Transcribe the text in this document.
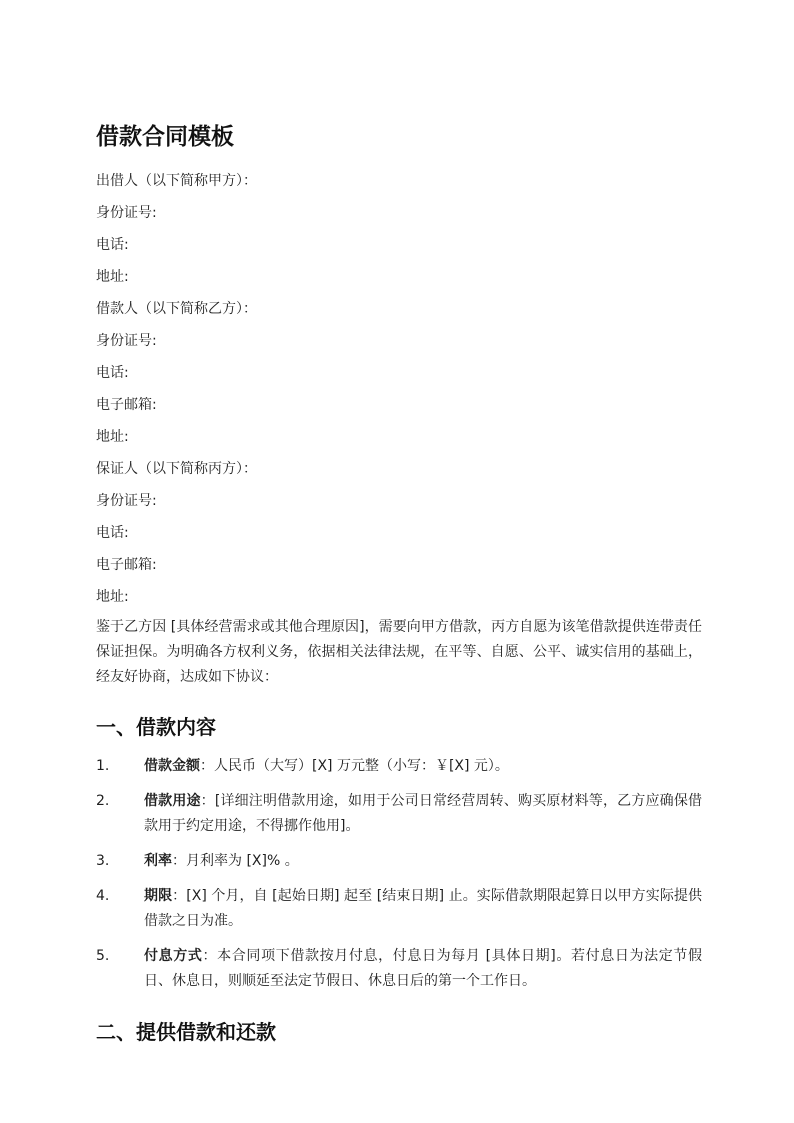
借款合同模板

出借人（以下简称甲方）：

身份证号:

电话:

地址:

借款人（以下简称乙方）：

身份证号:

电话:

电子邮箱:

地址:

保证人（以下简称丙方）：

身份证号:

电话:

电子邮箱:

地址:

鉴于乙方因 [具体经营需求或其他合理原因]，需要向甲方借款，丙方自愿为该笔借款提供连带责任保证担保。为明确各方权利义务，依据相关法律法规，在平等、自愿、公平、诚实信用的基础上，经友好协商，达成如下协议：

一、借款内容
1. 借款金额：人民币（大写）[X] 万元整（小写：￥[X] 元）。
2. 借款用途：[详细注明借款用途，如用于公司日常经营周转、购买原材料等，乙方应确保借款用于约定用途，不得挪作他用]。
3. 利率：月利率为 [X]% 。
4. 期限：[X] 个月，自 [起始日期] 起至 [结束日期] 止。实际借款期限起算日以甲方实际提供借款之日为准。
5. 付息方式：本合同项下借款按月付息，付息日为每月 [具体日期]。若付息日为法定节假日、休息日，则顺延至法定节假日、休息日后的第一个工作日。
二、提供借款和还款
